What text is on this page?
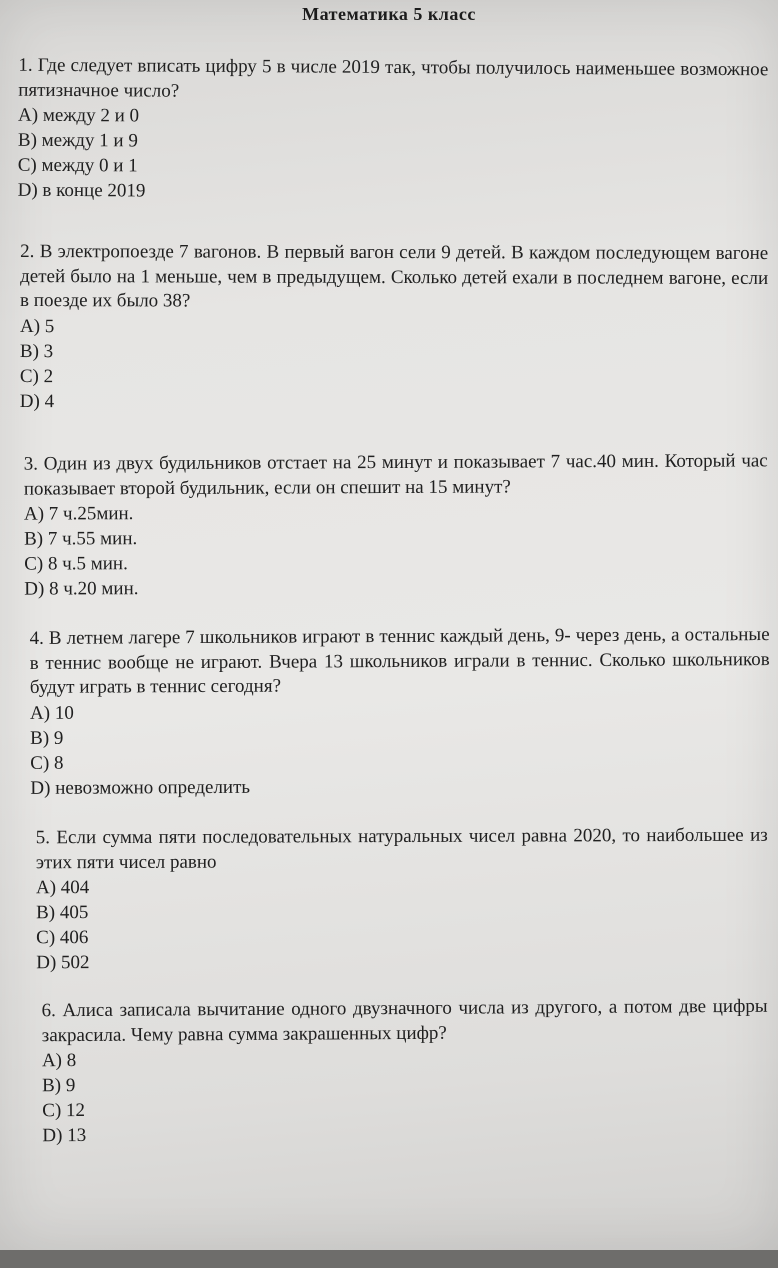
Математика 5 класс

1. Где следует вписать цифру 5 в числе 2019 так, чтобы получилось наименьшее возможное пятизначное число?

A) между 2 и 0
B) между 1 и 9
C) между 0 и 1
D) в конце 2019

2. В электропоезде 7 вагонов. В первый вагон сели 9 детей. В каждом последующем вагоне детей было на 1 меньше, чем в предыдущем. Сколько детей ехали в последнем вагоне, если в поезде их было 38?

A) 5
B) 3
C) 2
D) 4

3. Один из двух будильников отстает на 25 минут и показывает 7 час.40 мин. Который час показывает второй будильник, если он спешит на 15 минут?

A) 7 ч.25мин.
B) 7 ч.55 мин.
C) 8 ч.5 мин.
D) 8 ч.20 мин.

4. В летнем лагере 7 школьников играют в теннис каждый день, 9- через день, а остальные в теннис вообще не играют. Вчера 13 школьников играли в теннис. Сколько школьников будут играть в теннис сегодня?

A) 10
B) 9
C) 8
D) невозможно определить

5. Если сумма пяти последовательных натуральных чисел равна 2020, то наибольшее из этих пяти чисел равно

A) 404
B) 405
C) 406
D) 502

6. Алиса записала вычитание одного двузначного числа из другого, а потом две цифры закрасила. Чему равна сумма закрашенных цифр?

A) 8
B) 9
C) 12
D) 13
